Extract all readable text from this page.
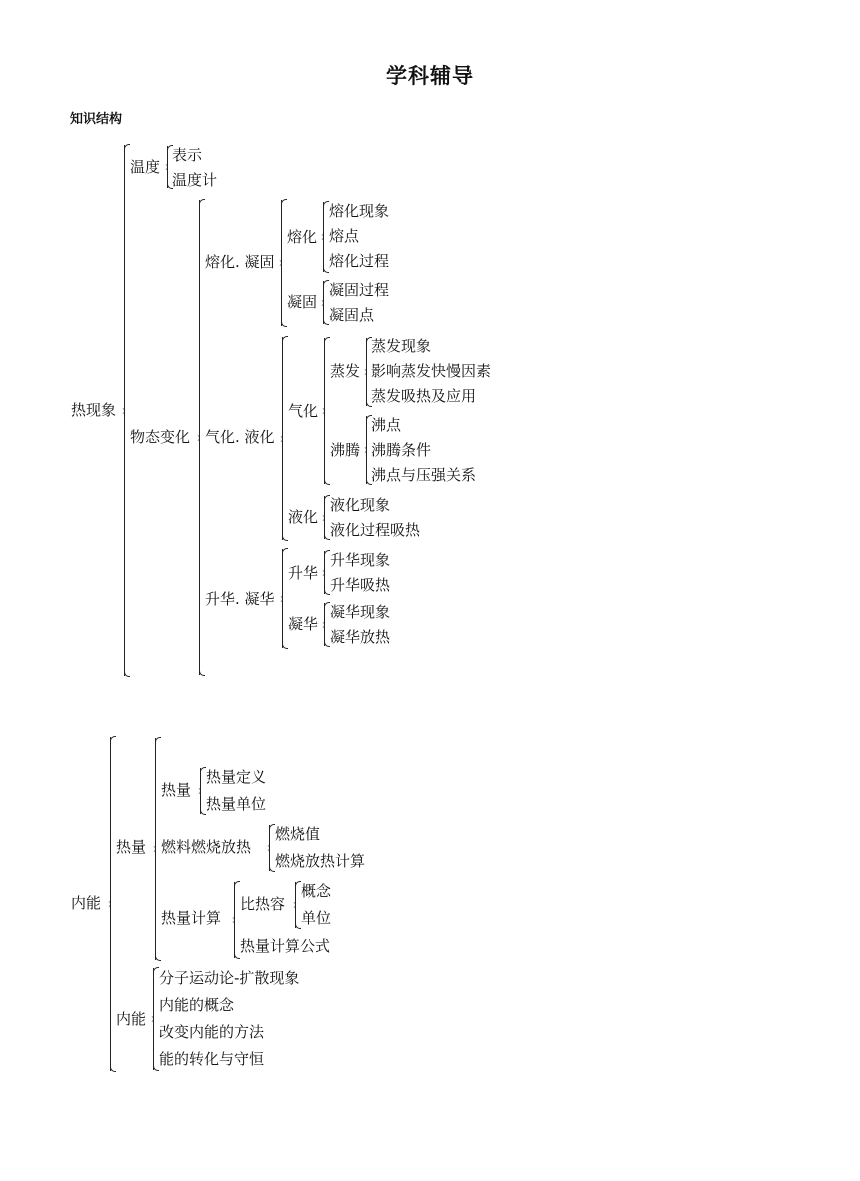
学科辅导
知识结构
热现象
温度
表示
温度计
物态变化
熔化. 凝固
熔化
熔化现象
熔点
熔化过程
凝固
凝固过程
凝固点
气化. 液化
气化
蒸发
蒸发现象
影响蒸发快慢因素
蒸发吸热及应用
沸腾
沸点
沸腾条件
沸点与压强关系
液化
液化现象
液化过程吸热
升华. 凝华
升华
升华现象
升华吸热
凝华
凝华现象
凝华放热
内能
热量
热量
热量定义
热量单位
燃料燃烧放热
燃烧值
燃烧放热计算
热量计算
比热容
概念
单位
热量计算公式
内能
分子运动论-扩散现象
内能的概念
改变内能的方法
能的转化与守恒
